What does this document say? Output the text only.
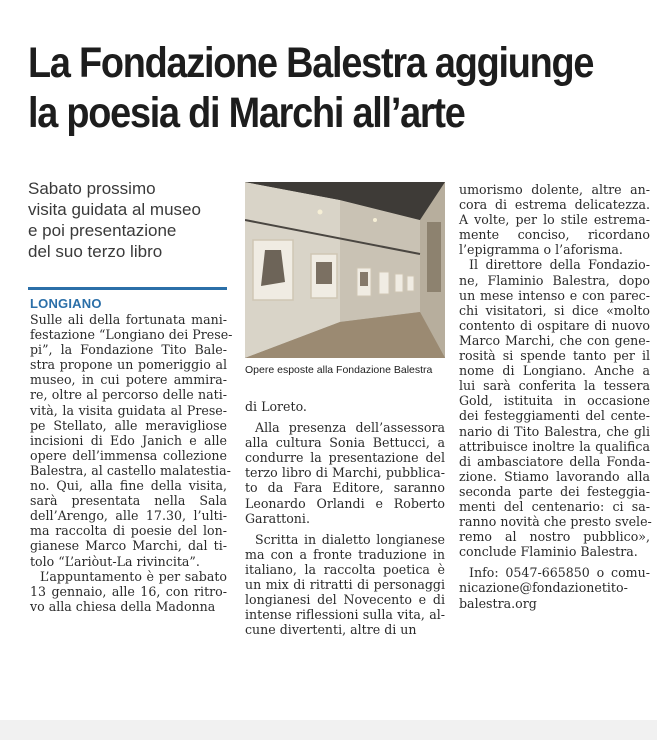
La Fondazione Balestra aggiunge
la poesia di Marchi all’arte
Sabato prossimo
visita guidata al museo
e poi presentazione
del suo terzo libro
LONGIANO
Sulle ali della fortunata mani-
festazione “Longiano dei Prese-
pi”, la Fondazione Tito Bale-
stra propone un pomeriggio al
museo, in cui potere ammira-
re, oltre al percorso delle nati-
vità, la visita guidata al Prese-
pe Stellato, alle meravigliose
incisioni di Edo Janich e alle
opere dell’immensa collezione
Balestra, al castello malatestia-
no. Qui, alla fine della visita,
sarà presentata nella Sala
dell’Arengo, alle 17.30, l’ulti-
ma raccolta di poesie del lon-
gianese Marco Marchi, dal ti-
tolo “L’ariòut-La rivincita”.
L’appuntamento è per sabato
13 gennaio, alle 16, con ritro-
vo alla chiesa della Madonna
Opere esposte alla Fondazione Balestra
di Loreto.
Alla presenza dell’assessora
alla cultura Sonia Bettucci, a
condurre la presentazione del
terzo libro di Marchi, pubblica-
to da Fara Editore, saranno
Leonardo Orlandi e Roberto
Garattoni.
Scritta in dialetto longianese
ma con a fronte traduzione in
italiano, la raccolta poetica è
un mix di ritratti di personaggi
longianesi del Novecento e di
intense riflessioni sulla vita, al-
cune divertenti, altre di un
umorismo dolente, altre an-
cora di estrema delicatezza.
A volte, per lo stile estrema-
mente conciso, ricordano
l’epigramma o l’aforisma.
Il direttore della Fondazio-
ne, Flaminio Balestra, dopo
un mese intenso e con parec-
chi visitatori, si dice «molto
contento di ospitare di nuovo
Marco Marchi, che con gene-
rosità si spende tanto per il
nome di Longiano. Anche a
lui sarà conferita la tessera
Gold, istituita in occasione
dei festeggiamenti del cente-
nario di Tito Balestra, che gli
attribuisce inoltre la qualifica
di ambasciatore della Fonda-
zione. Stiamo lavorando alla
seconda parte dei festeggia-
menti del centenario: ci sa-
ranno novità che presto svele-
remo al nostro pubblico»,
conclude Flaminio Balestra.
Info: 0547-665850 o comu-
nicazione@fondazionetito-
balestra.org
